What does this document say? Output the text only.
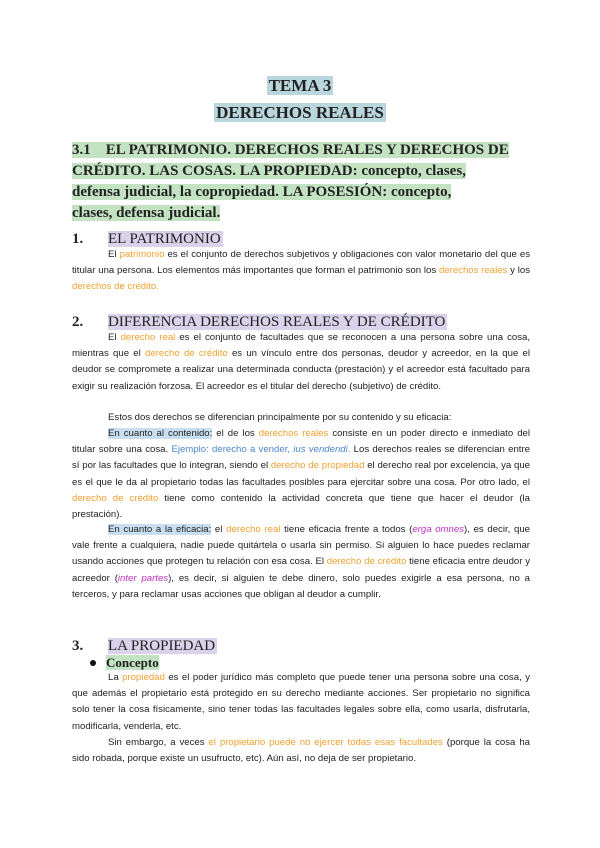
TEMA 3
DERECHOS REALES
3.1    EL PATRIMONIO. DERECHOS REALES Y DERECHOS DE
CRÉDITO. LAS COSAS. LA PROPIEDAD: concepto, clases,
defensa judicial, la copropiedad. LA POSESIÓN: concepto,
clases, defensa judicial.
1. EL PATRIMONIO
El patrimonio es el conjunto de derechos subjetivos y obligaciones con valor monetario del que es titular una persona. Los elementos más importantes que forman el patrimonio son los derechos reales y los derechos de crédito.
2. DIFERENCIA DERECHOS REALES Y DE CRÉDITO
El derecho real es el conjunto de facultades que se reconocen a una persona sobre una cosa, mientras que el derecho de crédito es un vínculo entre dos personas, deudor y acreedor, en la que el deudor se compromete a realizar una determinada conducta (prestación) y el acreedor está facultado para exigir su realización forzosa. El acreedor es el titular del derecho (subjetivo) de crédito.
Estos dos derechos se diferencian principalmente por su contenido y su eficacia:
En cuanto al contenido: el de los derechos reales consiste en un poder directo e inmediato del titular sobre una cosa. Ejemplo: derecho a vender, ius vendendi. Los derechos reales se diferencian entre sí por las facultades que lo integran, siendo el derecho de propiedad el derecho real por excelencia, ya que es el que le da al propietario todas las facultades posibles para ejercitar sobre una cosa. Por otro lado, el derecho de crédito tiene como contenido la actividad concreta que tiene que hacer el deudor (la prestación).
En cuanto a la eficacia: el derecho real tiene eficacia frente a todos (erga omnes), es decir, que vale frente a cualquiera, nadie puede quitártela o usarla sin permiso. Si alguien lo hace puedes reclamar usando acciones que protegen tu relación con esa cosa. El derecho de crédito tiene eficacia entre deudor y acreedor (inter partes), es decir, si alguien te debe dinero, solo puedes exigirle a esa persona, no a terceros, y para reclamar usas acciones que obligan al deudor a cumplir.
3. LA PROPIEDAD
Concepto
La propiedad es el poder jurídico más completo que puede tener una persona sobre una cosa, y que además el propietario está protegido en su derecho mediante acciones. Ser propietario no significa solo tener la cosa físicamente, sino tener todas las facultades legales sobre ella, como usarla, disfrutarla, modificarla, venderla, etc.
Sin embargo, a veces el propietario puede no ejercer todas esas facultades (porque la cosa ha sido robada, porque existe un usufructo, etc). Aún así, no deja de ser propietario.
